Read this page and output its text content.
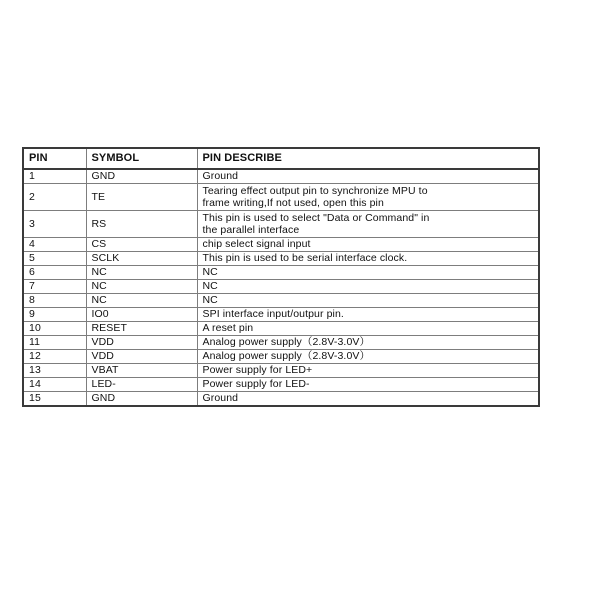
PIN	SYMBOL	PIN DESCRIBE
1	GND	Ground

2	TE	Tearing effect output pin to synchronize MPU to
frame writing,If not used, open this pin

3	RS	This pin is used to select "Data or Command" in
the parallel interface

4	CS	chip select signal input

5	SCLK	This pin is used to be serial interface clock.

6	NC	NC

7	NC	NC

8	NC	NC

9	IO0	SPI interface input/outpur pin.

10	RESET	A reset pin

11	VDD	Analog power supply（2.8V-3.0V）

12	VDD	Analog power supply（2.8V-3.0V）

13	VBAT	Power supply for LED+

14	LED-	Power supply for LED-

15	GND	Ground
